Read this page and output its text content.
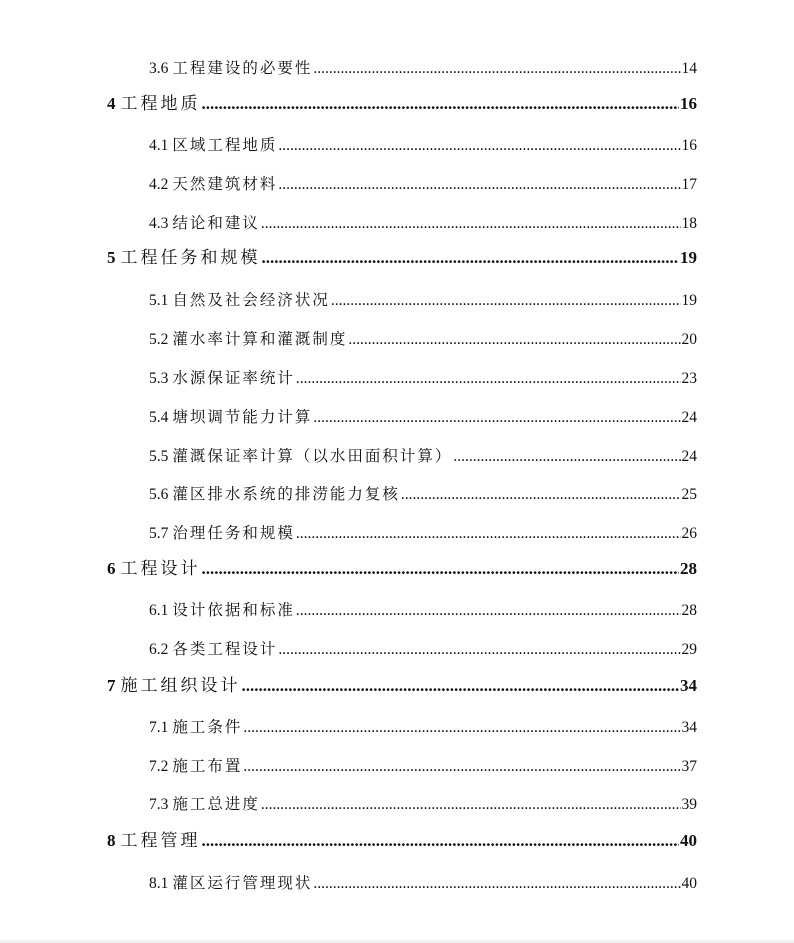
3.6 工程建设的必要性 .....	14
4 工程地质 .....	16
4.1 区域工程地质 .....	16
4.2 天然建筑材料 .....	17
4.3 结论和建议 .....	18
5 工程任务和规模 .....	19
5.1 自然及社会经济状况 .....	19
5.2 灌水率计算和灌溉制度 .....	20
5.3 水源保证率统计 .....	23
5.4 塘坝调节能力计算 .....	24
5.5 灌溉保证率计算（以水田面积计算） .....	24
5.6 灌区排水系统的排涝能力复核 .....	25
5.7 治理任务和规模 .....	26
6 工程设计 .....	28
6.1 设计依据和标准 .....	28
6.2 各类工程设计 .....	29
7 施工组织设计 .....	34
7.1 施工条件 .....	34
7.2 施工布置 .....	37
7.3 施工总进度 .....	39
8 工程管理 .....	40
8.1 灌区运行管理现状 .....	40
